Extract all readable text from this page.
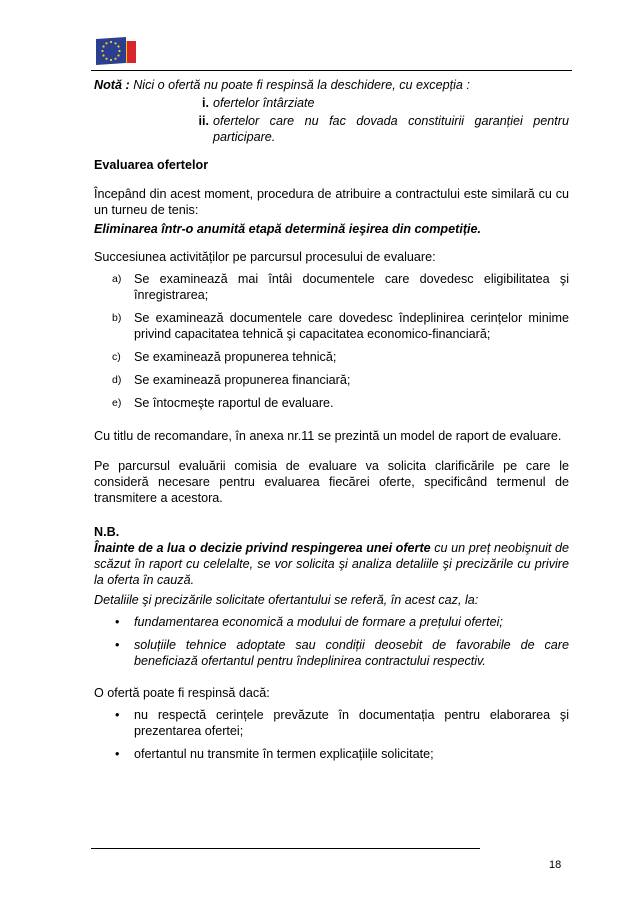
Notă :
Nici o ofertă nu poate fi respinsă la deschidere, cu excepția :

i. ofertelor întârziate
ii. ofertelor care nu fac dovada constituirii garanției pentru participare.

Evaluarea ofertelor

Începând din acest moment, procedura de atribuire a contractului este similară cu cu un turneu de tenis:

Eliminarea într-o anumită etapă determină ieşirea din competiție.

Succesiunea activităților pe parcursul procesului de evaluare:

a)	Se examinează mai întâi documentele care dovedesc eligibilitatea şi înregistrarea;
b)	Se examinează documentele care dovedesc îndeplinirea cerințelor minime privind capacitatea tehnică şi capacitatea economico-financiară;
c)	Se examinează propunerea tehnică;
d)	Se examinează propunerea financiară;
e)	Se întocmeşte raportul de evaluare.

Cu titlu de recomandare, în anexa nr.11 se prezintă un model de raport de evaluare.

Pe parcursul evaluării comisia de evaluare va solicita clarificările pe care le consideră necesare pentru evaluarea fiecărei oferte, specificând termenul de transmitere a acestora.

N.B.

Înainte de a lua o decizie privind respingerea unei oferte cu un preț neobişnuit de scăzut în raport cu celelalte, se vor solicita şi analiza detaliile şi precizările cu privire la oferta în cauză.

Detaliile şi precizările solicitate ofertantului se referă, în acest caz, la:

•	fundamentarea economică a modului de formare a prețului ofertei;
•	soluțiile tehnice adoptate sau condiții deosebit de favorabile de care beneficiază ofertantul pentru îndeplinirea contractului respectiv.

O ofertă poate fi respinsă dacă:

•	nu respectă cerințele prevăzute în documentația pentru elaborarea şi prezentarea ofertei;
•	ofertantul nu transmite în termen explicațiile solicitate;
18
